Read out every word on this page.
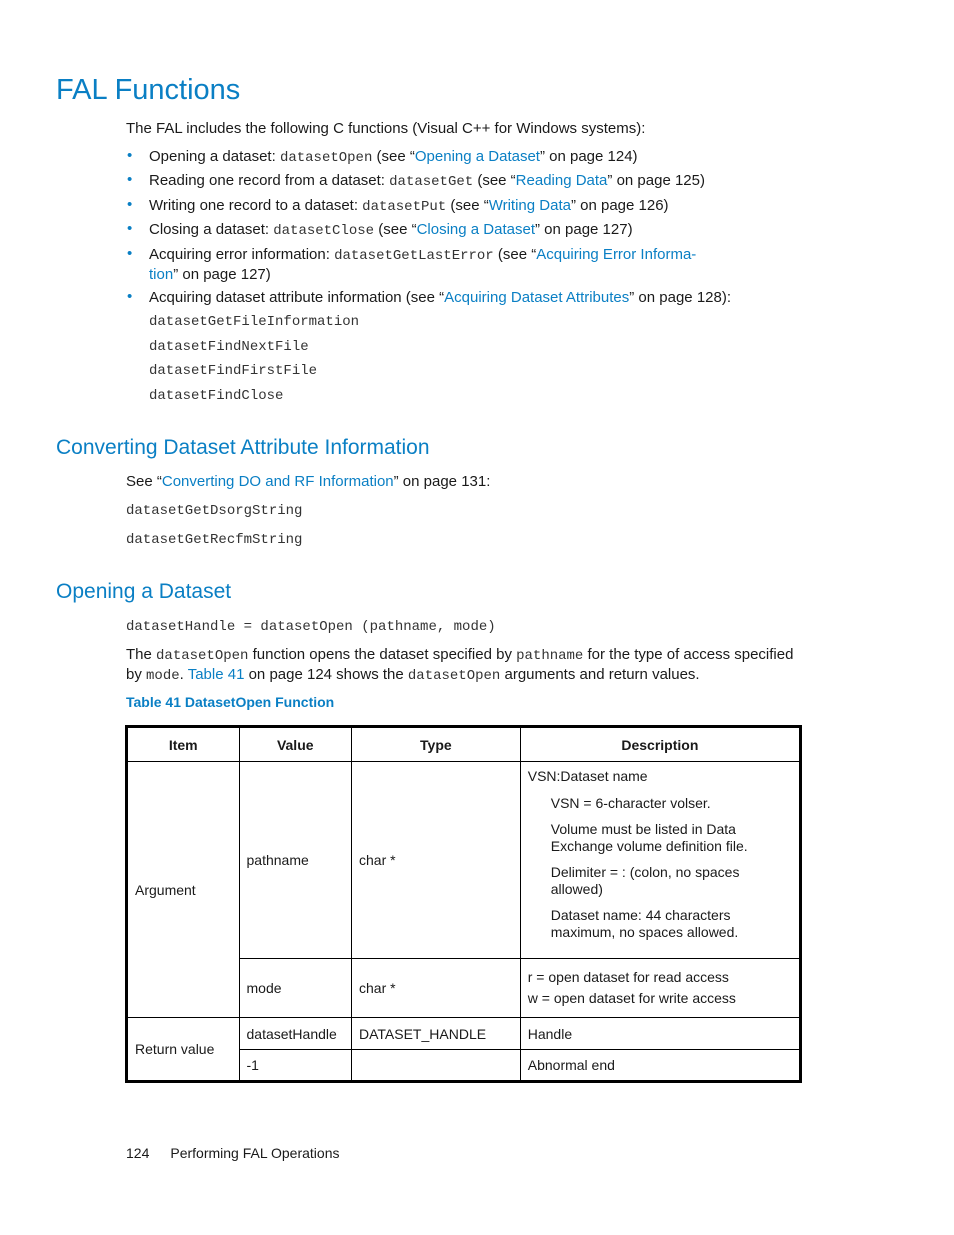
FAL Functions
The FAL includes the following C functions (Visual C++ for Windows systems):
• Opening a dataset: datasetOpen (see “Opening a Dataset” on page 124)
• Reading one record from a dataset: datasetGet (see “Reading Data” on page 125)
• Writing one record to a dataset: datasetPut (see “Writing Data” on page 126)
• Closing a dataset: datasetClose (see “Closing a Dataset” on page 127)
• Acquiring error information: datasetGetLastError (see “Acquiring Error Informa-
tion” on page 127)
• Acquiring dataset attribute information (see “Acquiring Dataset Attributes” on page 128):
datasetGetFileInformation
datasetFindNextFile
datasetFindFirstFile
datasetFindClose
Converting Dataset Attribute Information
See “Converting DO and RF Information” on page 131:
datasetGetDsorgString
datasetGetRecfmString
Opening a Dataset
datasetHandle = datasetOpen (pathname, mode)
The datasetOpen function opens the dataset specified by pathname for the type of access specified
by mode. Table 41 on page 124 shows the datasetOpen arguments and return values.
Table 41 DatasetOpen Function
Item	Value	Type	Description
Argument	pathname	char *	VSN:Dataset name

VSN = 6-character volser.

Volume must be listed in Data Exchange volume definition file.

Delimiter = : (colon, no spaces allowed)

Dataset name: 44 characters maximum, no spaces allowed.

	mode	char *	r = open dataset for read access

w = open dataset for write access

Return value	datasetHandle	DATASET_HANDLE	Handle
	-1		Abnormal end
124 Performing FAL Operations
